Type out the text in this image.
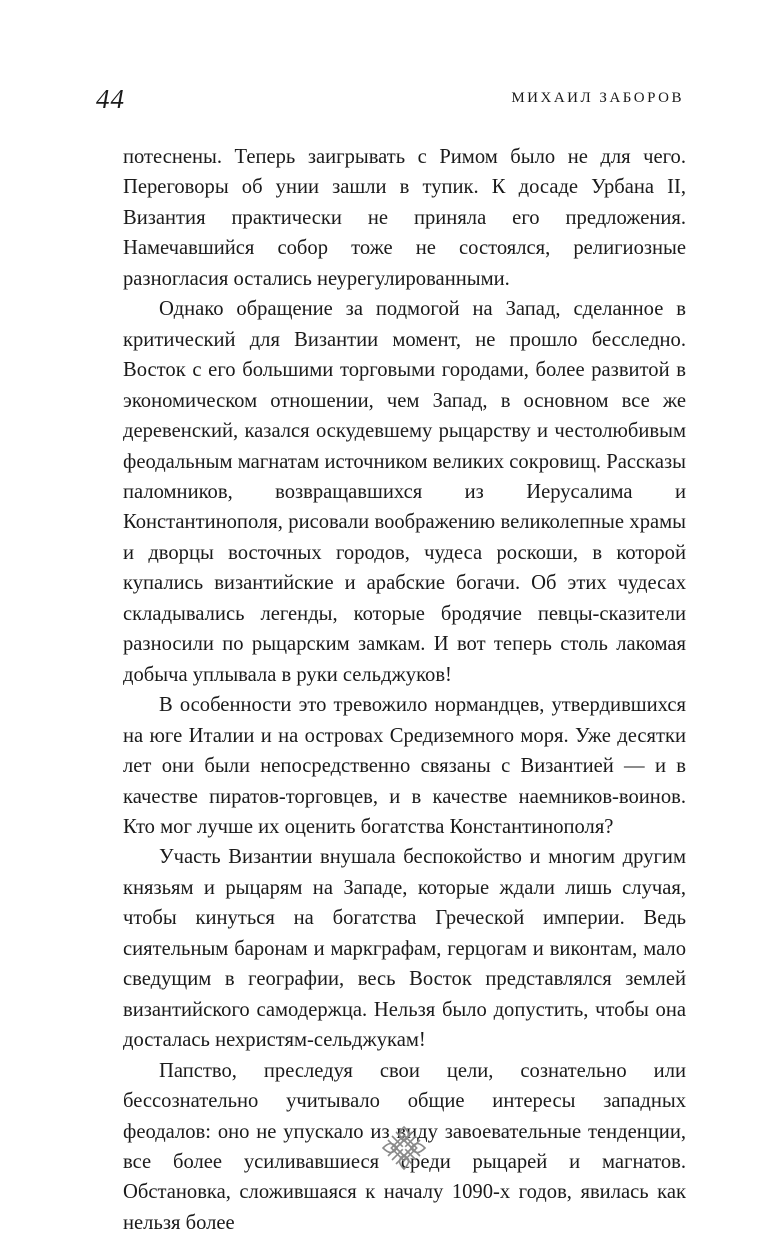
44	МИХАИЛ ЗАБОРОВ

потеснены. Теперь заигрывать с Римом было не для чего. Переговоры об унии зашли в тупик. К досаде Урбана II, Византия практически не приняла его предложения. Намечавшийся собор тоже не состоялся, религиозные разногласия остались неурегулированными.

Однако обращение за подмогой на Запад, сделанное в критический для Византии момент, не прошло бесследно. Восток с его большими торговыми городами, более развитой в экономическом отношении, чем Запад, в основном все же деревенский, казался оскудевшему рыцарству и честолюбивым феодальным магнатам источником великих сокровищ. Рассказы паломников, возвращавшихся из Иерусалима и Константинополя, рисовали воображению великолепные храмы и дворцы восточных городов, чудеса роскоши, в которой купались византийские и арабские богачи. Об этих чудесах складывались легенды, которые бродячие певцы-сказители разносили по рыцарским замкам. И вот теперь столь лакомая добыча уплывала в руки сельджуков!

В особенности это тревожило нормандцев, утвердившихся на юге Италии и на островах Средиземного моря. Уже десятки лет они были непосредственно связаны с Византией — и в качестве пиратов-торговцев, и в качестве наемников-воинов. Кто мог лучше их оценить богатства Константинополя?

Участь Византии внушала беспокойство и многим другим князьям и рыцарям на Западе, которые ждали лишь случая, чтобы кинуться на богатства Греческой империи. Ведь сиятельным баронам и маркграфам, герцогам и виконтам, мало сведущим в географии, весь Восток представлялся землей византийского самодержца. Нельзя было допустить, чтобы она досталась нехристям-сельджукам!

Папство, преследуя свои цели, сознательно или бессознательно учитывало общие интересы западных феодалов: оно не упускало из виду завоевательные тенденции, все более усиливавшиеся среди рыцарей и магнатов. Обстановка, сложившаяся к началу 1090-х годов, явилась как нельзя более
